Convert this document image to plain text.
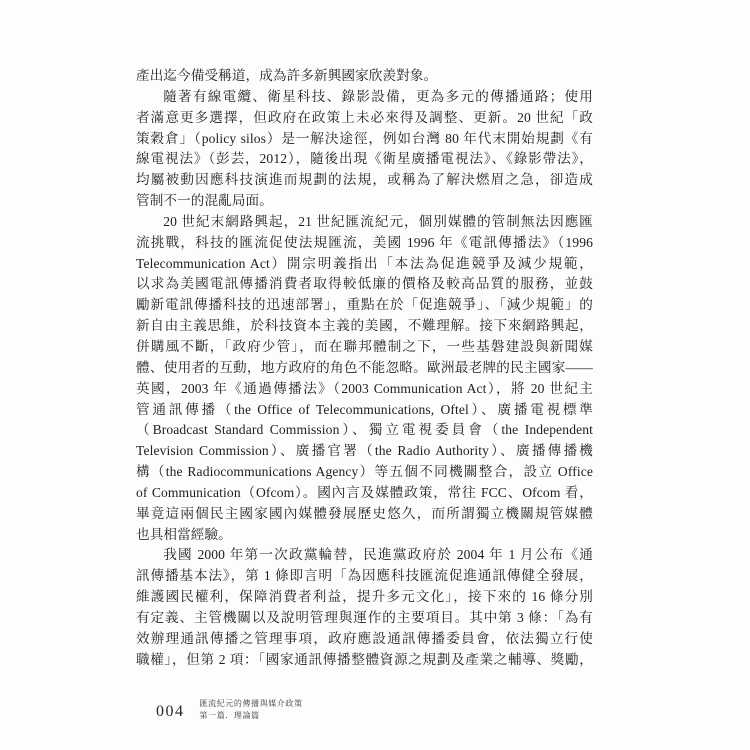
產出迄今備受稱道，成為許多新興國家欣羨對象。
隨著有線電纜、衛星科技、錄影設備，更為多元的傳播通路；使用
者滿意更多選擇，但政府在政策上未必來得及調整、更新。20 世紀「政
策穀倉」（policy silos）是一解決途徑，例如台灣 80 年代末開始規劃《有
線電視法》（彭芸，2012），隨後出現《衛星廣播電視法》、《錄影帶法》，
均屬被動因應科技演進而規劃的法規，或稱為了解決燃眉之急，卻造成
管制不一的混亂局面。
20 世紀末網路興起，21 世紀匯流紀元，個別媒體的管制無法因應匯
流挑戰，科技的匯流促使法規匯流，美國 1996 年《電訊傳播法》（1996
Telecommunication Act）開宗明義指出「本法為促進競爭及減少規範，
以求為美國電訊傳播消費者取得較低廉的價格及較高品質的服務，並鼓
勵新電訊傳播科技的迅速部署」，重點在於「促進競爭」、「減少規範」的
新自由主義思維，於科技資本主義的美國，不難理解。接下來網路興起，
併購風不斷，「政府少管」，而在聯邦體制之下，一些基磐建設與新聞媒
體、使用者的互動，地方政府的角色不能忽略。歐洲最老牌的民主國家——
英國，2003 年《通過傳播法》（2003 Communication Act），將 20 世紀主
管通訊傳播（the Office of Telecommunications, Oftel）、廣播電視標準
（Broadcast Standard Commission）、獨立電視委員會（the Independent
Television Commission）、廣播官署（the Radio Authority）、廣播傳播機
構（the Radiocommunications Agency）等五個不同機關整合，設立 Office
of Communication（Ofcom）。國內言及媒體政策，常往 FCC、Ofcom 看，
畢竟這兩個民主國家國內媒體發展歷史悠久，而所謂獨立機關規管媒體
也具相當經驗。
我國 2000 年第一次政黨輪替，民進黨政府於 2004 年 1 月公布《通
訊傳播基本法》，第 1 條即言明「為因應科技匯流促進通訊傳健全發展，
維護國民權利，保障消費者利益，提升多元文化」，接下來的 16 條分別
有定義、主管機關以及說明管理與運作的主要項目。其中第 3 條：「為有
效辦理通訊傳播之管理事項，政府應設通訊傳播委員會，依法獨立行使
職權」，但第 2 項：「國家通訊傳播整體資源之規劃及產業之輔導、獎勵，
004 匯流紀元的傳播與媒介政策
第一篇．理論篇
